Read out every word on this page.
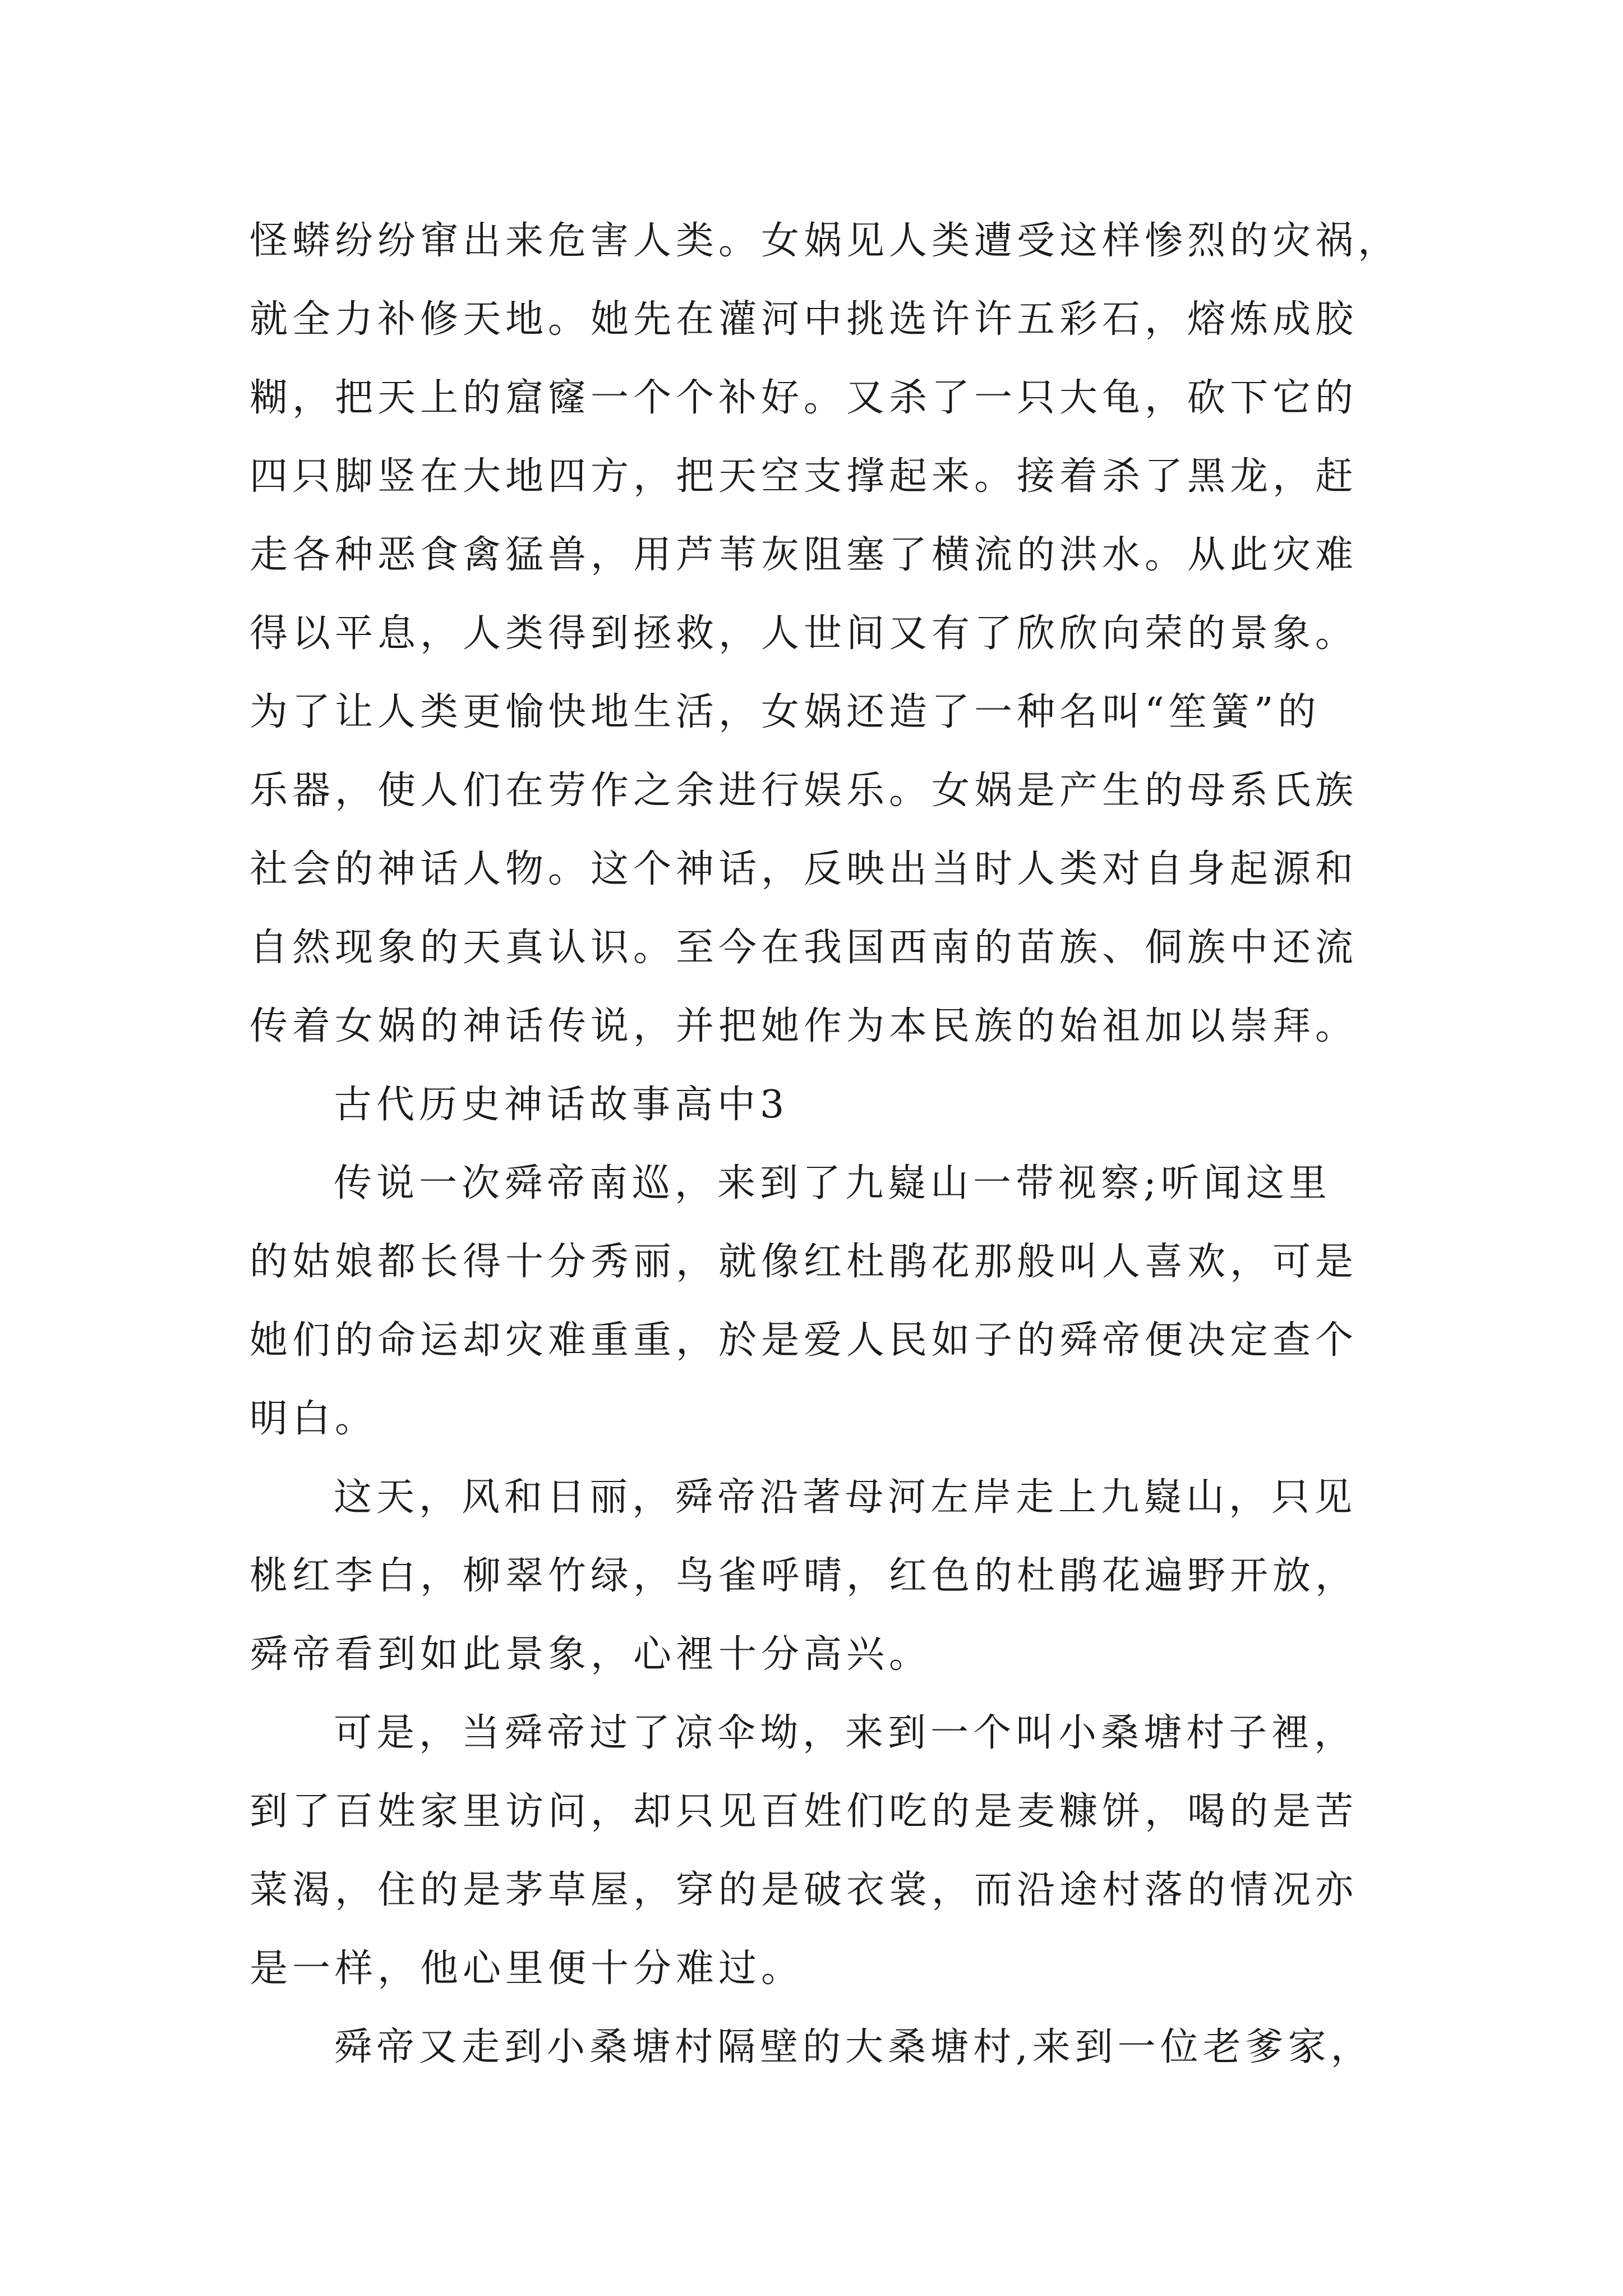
怪蟒纷纷窜出来危害人类。女娲见人类遭受这样惨烈的灾祸，
就全力补修天地。她先在灌河中挑选许许五彩石，熔炼成胶
糊，把天上的窟窿一个个补好。又杀了一只大龟，砍下它的
四只脚竖在大地四方，把天空支撑起来。接着杀了黑龙，赶
走各种恶食禽猛兽，用芦苇灰阻塞了横流的洪水。从此灾难
得以平息，人类得到拯救，人世间又有了欣欣向荣的景象。
为了让人类更愉快地生活，女娲还造了一种名叫“笙簧”的
乐器，使人们在劳作之余进行娱乐。女娲是产生的母系氏族
社会的神话人物。这个神话，反映出当时人类对自身起源和
自然现象的天真认识。至今在我国西南的苗族、侗族中还流
传着女娲的神话传说，并把她作为本民族的始祖加以崇拜。
古代历史神话故事高中3
传说一次舜帝南巡，来到了九嶷山一带视察;听闻这里
的姑娘都长得十分秀丽，就像红杜鹃花那般叫人喜欢，可是
她们的命运却灾难重重，於是爱人民如子的舜帝便决定查个
明白。
这天，风和日丽，舜帝沿著母河左岸走上九嶷山，只见
桃红李白，柳翠竹绿，鸟雀呼晴，红色的杜鹃花遍野开放，
舜帝看到如此景象，心裡十分高兴。
可是，当舜帝过了凉伞坳，来到一个叫小桑塘村子裡，
到了百姓家里访问，却只见百姓们吃的是麦糠饼，喝的是苦
菜渴，住的是茅草屋，穿的是破衣裳，而沿途村落的情况亦
是一样，他心里便十分难过。
舜帝又走到小桑塘村隔壁的大桑塘村,来到一位老爹家，
